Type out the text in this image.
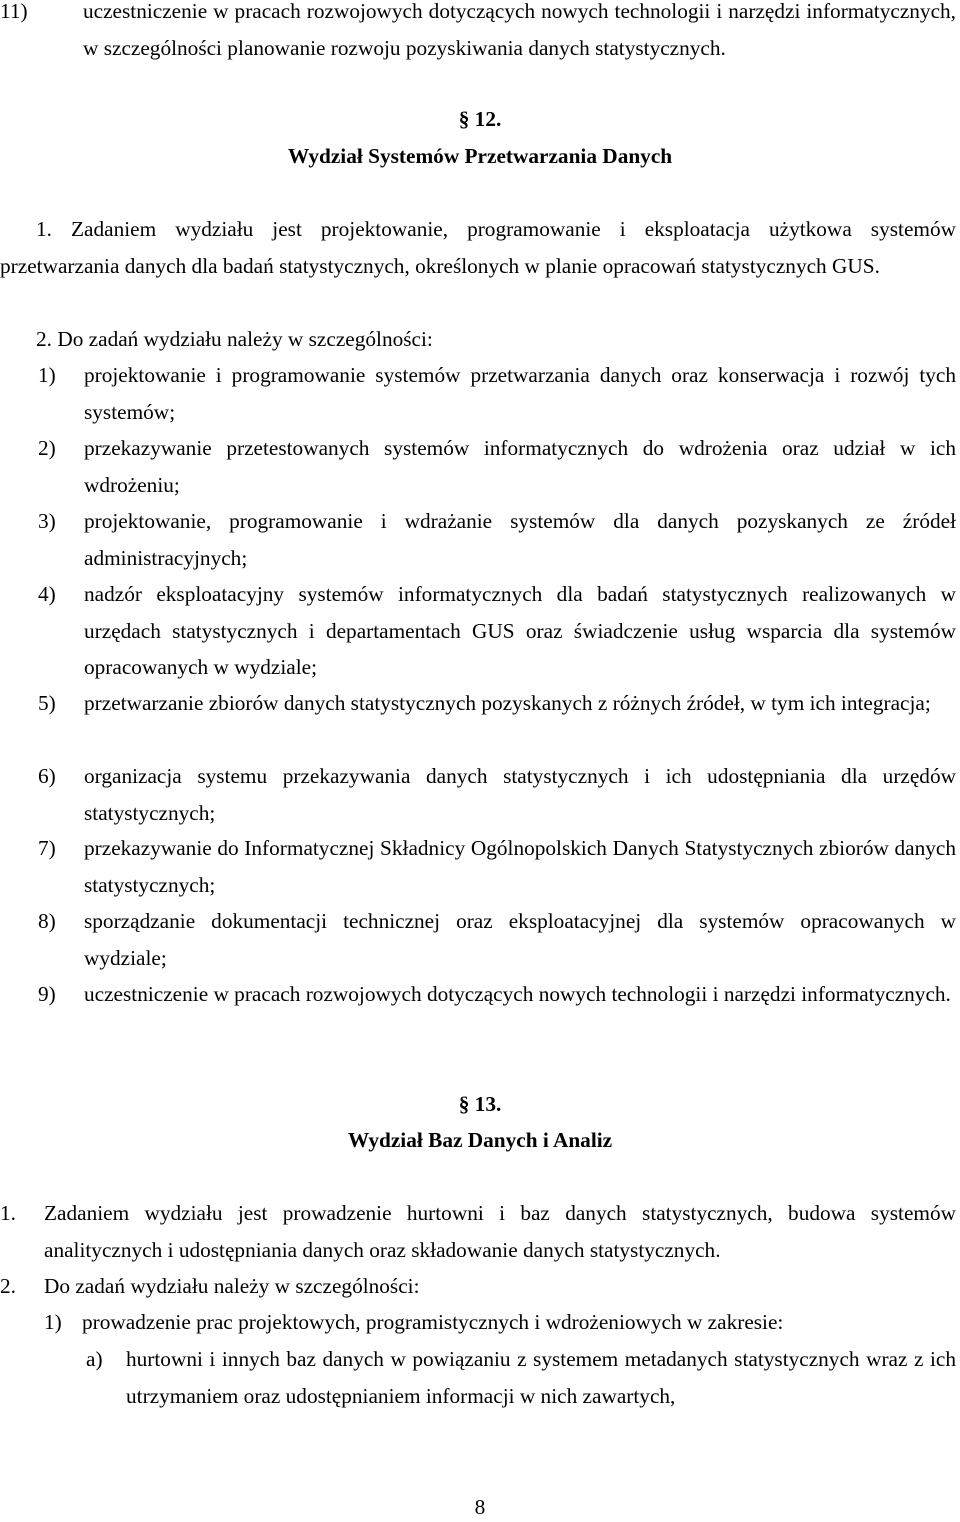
11)	uczestniczenie w pracach rozwojowych dotyczących nowych technologii i narzędzi informatycznych, w szczególności planowanie rozwoju pozyskiwania danych statystycznych.
§ 12.
Wydział Systemów Przetwarzania Danych
1. Zadaniem wydziału jest projektowanie, programowanie i eksploatacja użytkowa systemów przetwarzania danych dla badań statystycznych, określonych w planie opracowań statystycznych GUS.
2. Do zadań wydziału należy w szczególności:
1)	projektowanie i programowanie systemów przetwarzania danych oraz konserwacja i rozwój tych systemów;
2)	przekazywanie przetestowanych systemów informatycznych do wdrożenia oraz udział w ich wdrożeniu;
3)	projektowanie, programowanie i wdrażanie systemów dla danych pozyskanych ze źródeł administracyjnych;
4)	nadzór eksploatacyjny systemów informatycznych dla badań statystycznych realizowanych w urzędach statystycznych i departamentach GUS oraz świadczenie usług wsparcia dla systemów opracowanych w wydziale;
5)	przetwarzanie zbiorów danych statystycznych pozyskanych z różnych źródeł, w tym ich integracja;
6)	organizacja systemu przekazywania danych statystycznych i ich udostępniania dla urzędów statystycznych;
7)	przekazywanie do Informatycznej Składnicy Ogólnopolskich Danych Statystycznych zbiorów danych statystycznych;
8)	sporządzanie dokumentacji technicznej oraz eksploatacyjnej dla systemów opracowanych w wydziale;
9)	uczestniczenie w pracach rozwojowych dotyczących nowych technologii i narzędzi informatycznych.
§ 13.
Wydział Baz Danych i Analiz
1.	Zadaniem wydziału jest prowadzenie hurtowni i baz danych statystycznych, budowa systemów analitycznych i udostępniania danych oraz składowanie danych statystycznych.
2.	Do zadań wydziału należy w szczególności:
1) prowadzenie prac projektowych, programistycznych i wdrożeniowych w zakresie:
a)	hurtowni i innych baz danych w powiązaniu z systemem metadanych statystycznych wraz z ich utrzymaniem oraz udostępnianiem informacji w nich zawartych,
8
